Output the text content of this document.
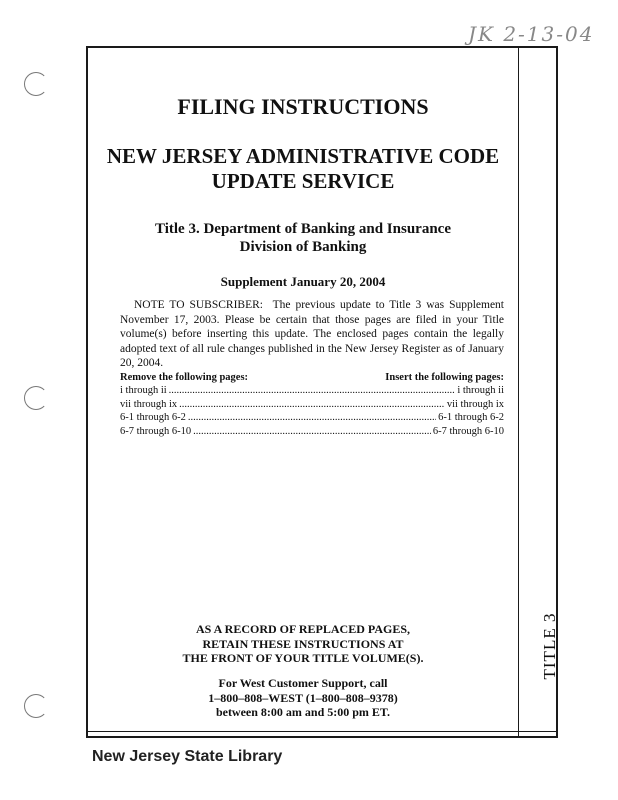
JK 2-13-04
TITLE 3
FILING INSTRUCTIONS
NEW JERSEY ADMINISTRATIVE CODE
UPDATE SERVICE
Title 3. Department of Banking and Insurance
Division of Banking
Supplement January 20, 2004
NOTE TO SUBSCRIBER: The previous update to Title 3 was Supplement November 17, 2003. Please be certain that those pages are filed in your Title volume(s) before inserting this update. The enclosed pages contain the legally adopted text of all rule changes published in the New Jersey Register as of January 20, 2004.
Remove the following pages:	Insert the following pages:
i through ii .....	i through ii
vii through ix .....	vii through ix
6-1 through 6-2 .....	6-1 through 6-2
6-7 through 6-10 .....	6-7 through 6-10
AS A RECORD OF REPLACED PAGES,
RETAIN THESE INSTRUCTIONS AT
THE FRONT OF YOUR TITLE VOLUME(S).
For West Customer Support, call
1–800–808–WEST (1–800–808–9378)
between 8:00 am and 5:00 pm ET.
New Jersey State Library
